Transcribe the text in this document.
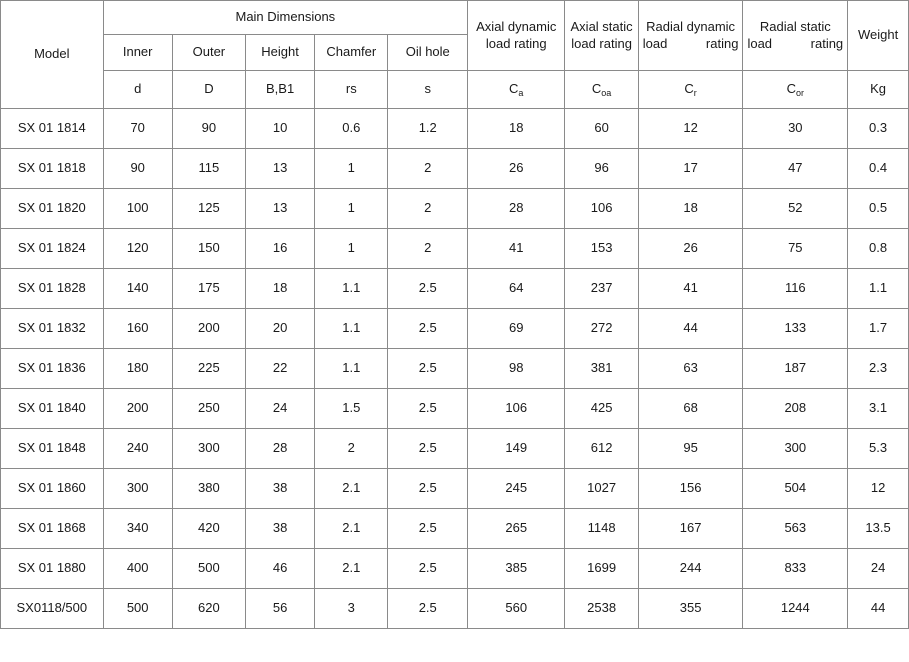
Model	Main Dimensions					Axial dynamic load rating	Axial static load rating	Radial dynamic load rating	Radial static load rating	Weight
	Inner	Outer	Height	Chamfer	Oil hole					
	d	D	B,B1	rs	s	$C_a$	$C_{oa}$	$C_r$	$C_{or}$	Kg
SX 01 1814	70	90	10	0.6	1.2	18	60	12	30	0.3
SX 01 1818	90	115	13	1	2	26	96	17	47	0.4
SX 01 1820	100	125	13	1	2	28	106	18	52	0.5
SX 01 1824	120	150	16	1	2	41	153	26	75	0.8
SX 01 1828	140	175	18	1.1	2.5	64	237	41	116	1.1
SX 01 1832	160	200	20	1.1	2.5	69	272	44	133	1.7
SX 01 1836	180	225	22	1.1	2.5	98	381	63	187	2.3
SX 01 1840	200	250	24	1.5	2.5	106	425	68	208	3.1
SX 01 1848	240	300	28	2	2.5	149	612	95	300	5.3
SX 01 1860	300	380	38	2.1	2.5	245	1027	156	504	12
SX 01 1868	340	420	38	2.1	2.5	265	1148	167	563	13.5
SX 01 1880	400	500	46	2.1	2.5	385	1699	244	833	24
SX0118/500	500	620	56	3	2.5	560	2538	355	1244	44
